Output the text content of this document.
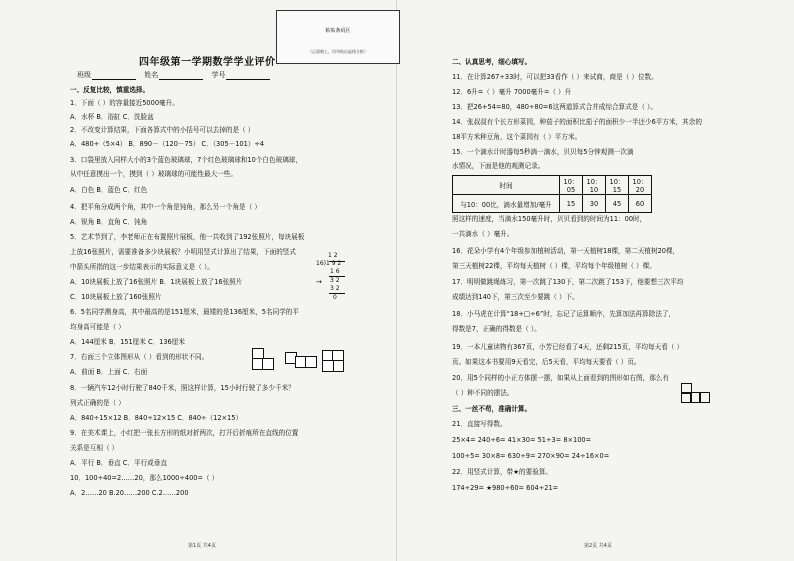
粘贴条码区
（正面朝上，切勿贴出虚线方框）
四年级第一学期数学学业评价
班级	姓名	学号
一、反复比较，慎重选择。
1．下面（ ）的容量接近5000毫升。
A．水杯 B．浴缸 C．洗脸盆
2．不改变计算结果，下面各算式中的小括号可以去掉的是（ ）
A．480÷（5×4） B．890－（120－75） C．（305－101）÷4
3．口袋里放入同样大小的3个蓝色玻璃球，7个红色玻璃球和10个白色玻璃球，
从中任意摸出一个，摸到（ ）玻璃球的可能性最大一些。
A．白色 B．蓝色 C．红色
4．把平角分成两个角，其中一个角是钝角，那么另一个角是（ ）
A．锐角 B．直角 C．钝角
5．艺术节到了，李老师正在布置照片展板，他一共收到了192张照片，每块展板
上放16张照片，需要准备多少块展板？小明用竖式计算出了结果，下面的竖式
中箭头所指的这一步结果表示的实际意义是（ ）。
A．10块展板上放了16张照片 B．1块展板上放了16张照片
C．10块展板上放了160张照片
6．5名同学测身高，其中最高的是151厘米，最矮的是136厘米，5名同学的平
均身高可能是（ ）
A．144厘米 B．151厘米 C．136厘米
7．右面三个立体图形从（ ）看到的形状不同。
A．前面 B．上面 C．右面
8．一辆汽车12小时行驶了840千米，照这样计算，15小时行驶了多少千米？
列式正确的是（ ）
A．840÷15×12 B．840÷12×15 C．840÷（12×15）
9．在美术课上，小红把一张长方形的纸对折两次，打开后折痕所在直线的位置
关系是互相（ ）
A．平行 B．垂直 C．平行或垂直
10．100÷40=2……20，那么1000÷400=（ ）
A．2……20 B.20……200 C.2……200
1 2
16)1 9 2
1 6
3 2
3 2
0
→
二、认真思考，细心填写。
11．在计算267÷33时，可以把33看作（ ）来试商，商是（ ）位数。
12．6升=（ ）毫升 7000毫升=（ ）升
13．把26+54=80，480÷80=6这两道算式合并成综合算式是（ ）。
14．张叔叔有个长方形菜园，种茄子的面积比茄子的面积少一半还少6平方米，其余的
18平方米种豆角，这个菜园有（ ）平方米。
15．一个滴水计时器每5秒滴一滴水，贝贝每5分钟观测一次滴
水情况，下面是他的观测记录。
时间	10：05	10：10	10：15	10：20
与10：00比，滴水量增加/毫升	15	30	45	60
照这样的速度，当滴水150毫升时，贝贝看到的时间为11：00时，
一共滴水（ ）毫升。
16．花朵小学有4个年级参加植树活动，第一天植树18棵，第二天植树20棵，
第三天植树22棵，平均每天植树（ ）棵，平均每个年级植树（ ）棵。
17．明明做跳绳练习，第一次跳了130下，第二次跳了153下，他要想三次平均
成绩达到140下，第三次至少要跳（ ）下。
18．小马虎在计算“18+□÷6”时，忘记了运算顺序，先算加法再算除法了，
得数是7，正确的得数是（ ）。
19．一本儿童读物有367页，小芳已经看了4天，还剩215页，平均每天看（ ）
页。如果这本书要用9天看完，后5天看，平均每天要看（ ）页。
20．用5个同样的小正方体摆一摆，如果从上面看到的图形如右图，那么有
（ ）种不同的摆法。
三、一丝不苟，准确计算。
21．直接写得数。
25×4= 240÷6= 41×30= 51÷3= 8×100=
100÷5= 30×8= 630÷9= 270×90= 24÷16×0=
22．用竖式计算，带★的要验算。
174÷29= ★980÷60= 604÷21=
第1页 共4页	第2页 共4页
